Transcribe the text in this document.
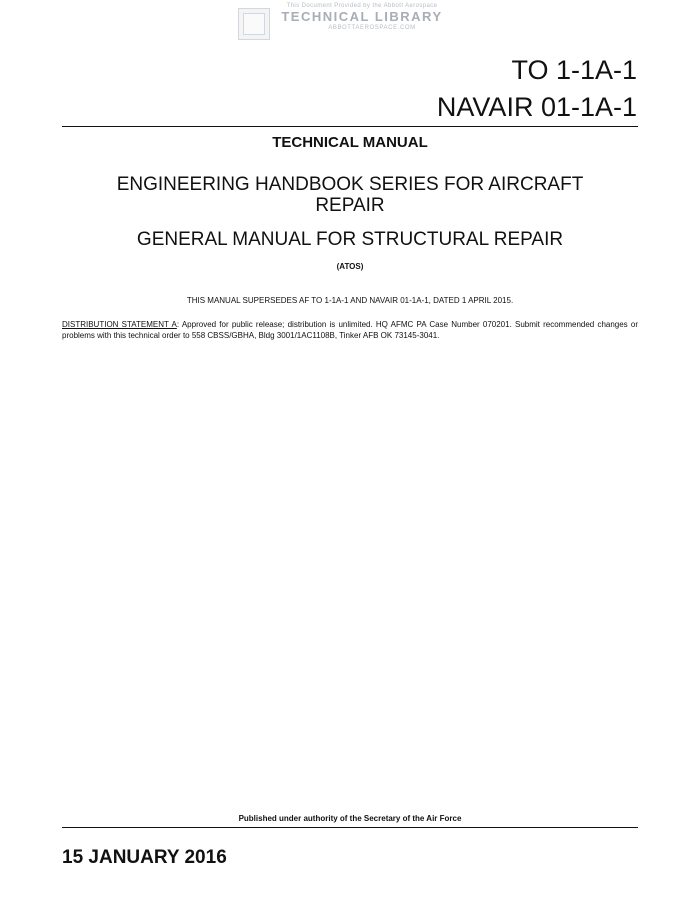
This Document Provided by the Abbott Aerospace
TECHNICAL LIBRARY
ABBOTTAEROSPACE.COM
TO 1-1A-1
NAVAIR 01-1A-1
TECHNICAL MANUAL
ENGINEERING HANDBOOK SERIES FOR AIRCRAFT REPAIR
GENERAL MANUAL FOR STRUCTURAL REPAIR
(ATOS)
THIS MANUAL SUPERSEDES AF TO 1-1A-1 AND NAVAIR 01-1A-1, DATED 1 APRIL 2015.
DISTRIBUTION STATEMENT A: Approved for public release; distribution is unlimited. HQ AFMC PA Case Number 070201. Submit recommended changes or problems with this technical order to 558 CBSS/GBHA, Bldg 3001/1AC1108B, Tinker AFB OK 73145-3041.
Published under authority of the Secretary of the Air Force
15 JANUARY 2016
